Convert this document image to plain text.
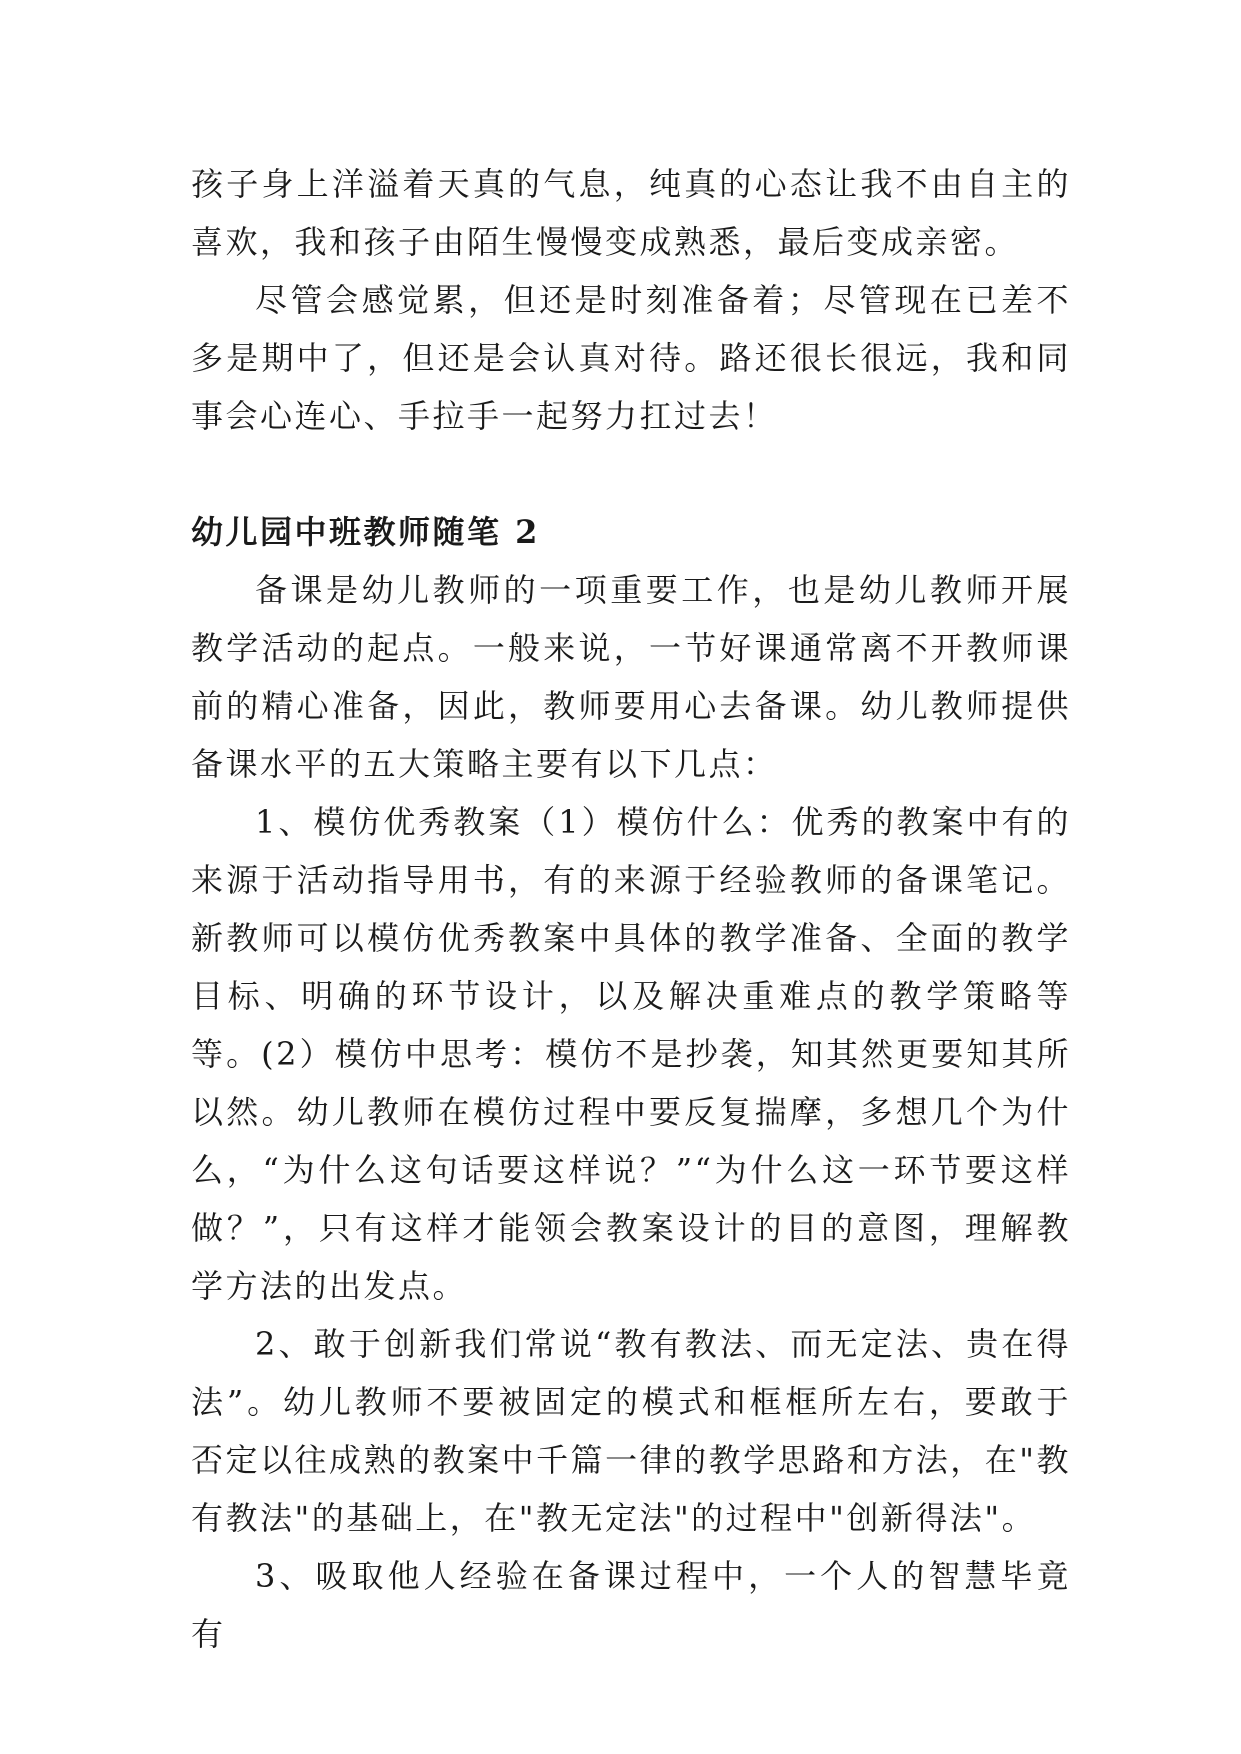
孩子身上洋溢着天真的气息，纯真的心态让我不由自主的喜欢，我和孩子由陌生慢慢变成熟悉，最后变成亲密。

尽管会感觉累，但还是时刻准备着；尽管现在已差不多是期中了，但还是会认真对待。路还很长很远，我和同事会心连心、手拉手一起努力扛过去！

幼儿园中班教师随笔 2

备课是幼儿教师的一项重要工作，也是幼儿教师开展教学活动的起点。一般来说，一节好课通常离不开教师课前的精心准备，因此，教师要用心去备课。幼儿教师提供备课水平的五大策略主要有以下几点：

1、模仿优秀教案（1）模仿什么：优秀的教案中有的来源于活动指导用书，有的来源于经验教师的备课笔记。新教师可以模仿优秀教案中具体的教学准备、全面的教学目标、明确的环节设计，以及解决重难点的教学策略等等。(2）模仿中思考：模仿不是抄袭，知其然更要知其所以然。幼儿教师在模仿过程中要反复揣摩，多想几个为什么，“为什么这句话要这样说？”“为什么这一环节要这样做？”，只有这样才能领会教案设计的目的意图，理解教学方法的出发点。

2、敢于创新我们常说“教有教法、而无定法、贵在得法”。幼儿教师不要被固定的模式和框框所左右，要敢于否定以往成熟的教案中千篇一律的教学思路和方法，在"教有教法"的基础上，在"教无定法"的过程中"创新得法"。

3、吸取他人经验在备课过程中，一个人的智慧毕竟有
